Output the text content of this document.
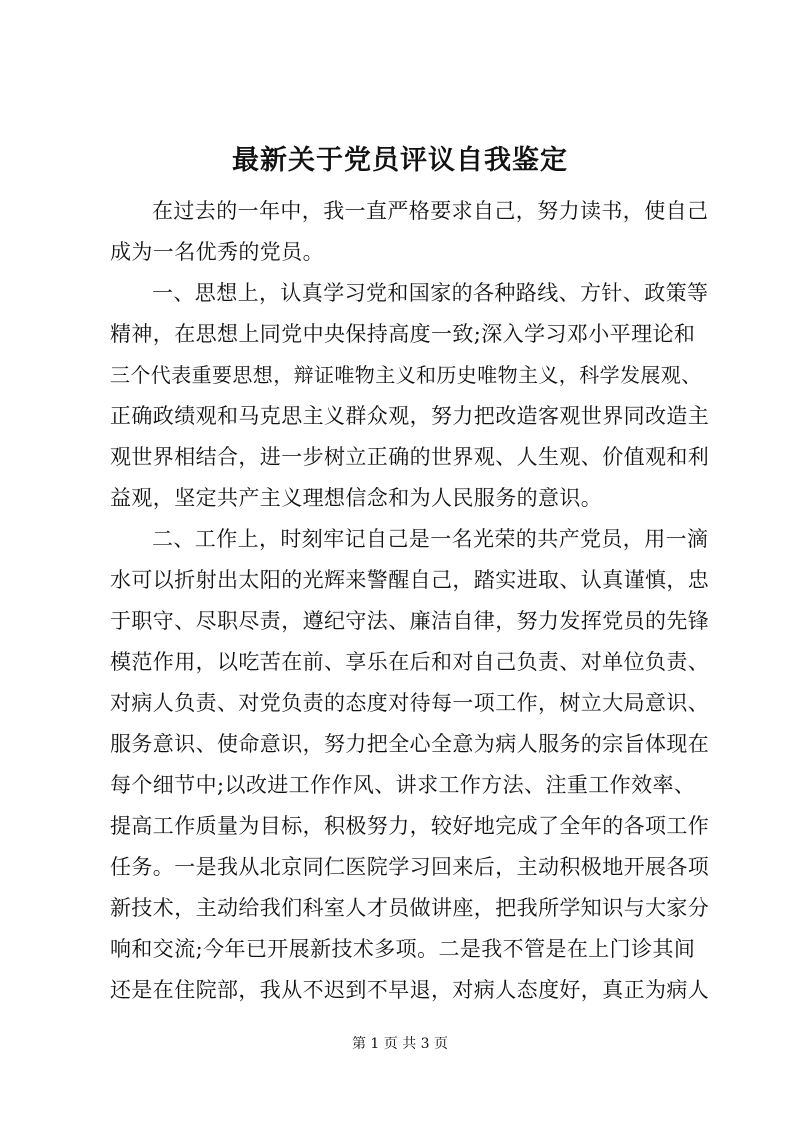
最新关于党员评议自我鉴定
在过去的一年中，我一直严格要求自己，努力读书，使自己
成为一名优秀的党员。
一、思想上，认真学习党和国家的各种路线、方针、政策等
精神，在思想上同党中央保持高度一致;深入学习邓小平理论和
三个代表重要思想，辩证唯物主义和历史唯物主义，科学发展观、
正确政绩观和马克思主义群众观，努力把改造客观世界同改造主
观世界相结合，进一步树立正确的世界观、人生观、价值观和利
益观，坚定共产主义理想信念和为人民服务的意识。
二、工作上，时刻牢记自己是一名光荣的共产党员，用一滴
水可以折射出太阳的光辉来警醒自己，踏实进取、认真谨慎，忠
于职守、尽职尽责，遵纪守法、廉洁自律，努力发挥党员的先锋
模范作用，以吃苦在前、享乐在后和对自己负责、对单位负责、
对病人负责、对党负责的态度对待每一项工作，树立大局意识、
服务意识、使命意识，努力把全心全意为病人服务的宗旨体现在
每个细节中;以改进工作作风、讲求工作方法、注重工作效率、
提高工作质量为目标，积极努力，较好地完成了全年的各项工作
任务。一是我从北京同仁医院学习回来后，主动积极地开展各项
新技术，主动给我们科室人才员做讲座，把我所学知识与大家分
响和交流;今年已开展新技术多项。二是我不管是在上门诊其间
还是在住院部，我从不迟到不早退，对病人态度好，真正为病人
第 1 页 共 3 页
